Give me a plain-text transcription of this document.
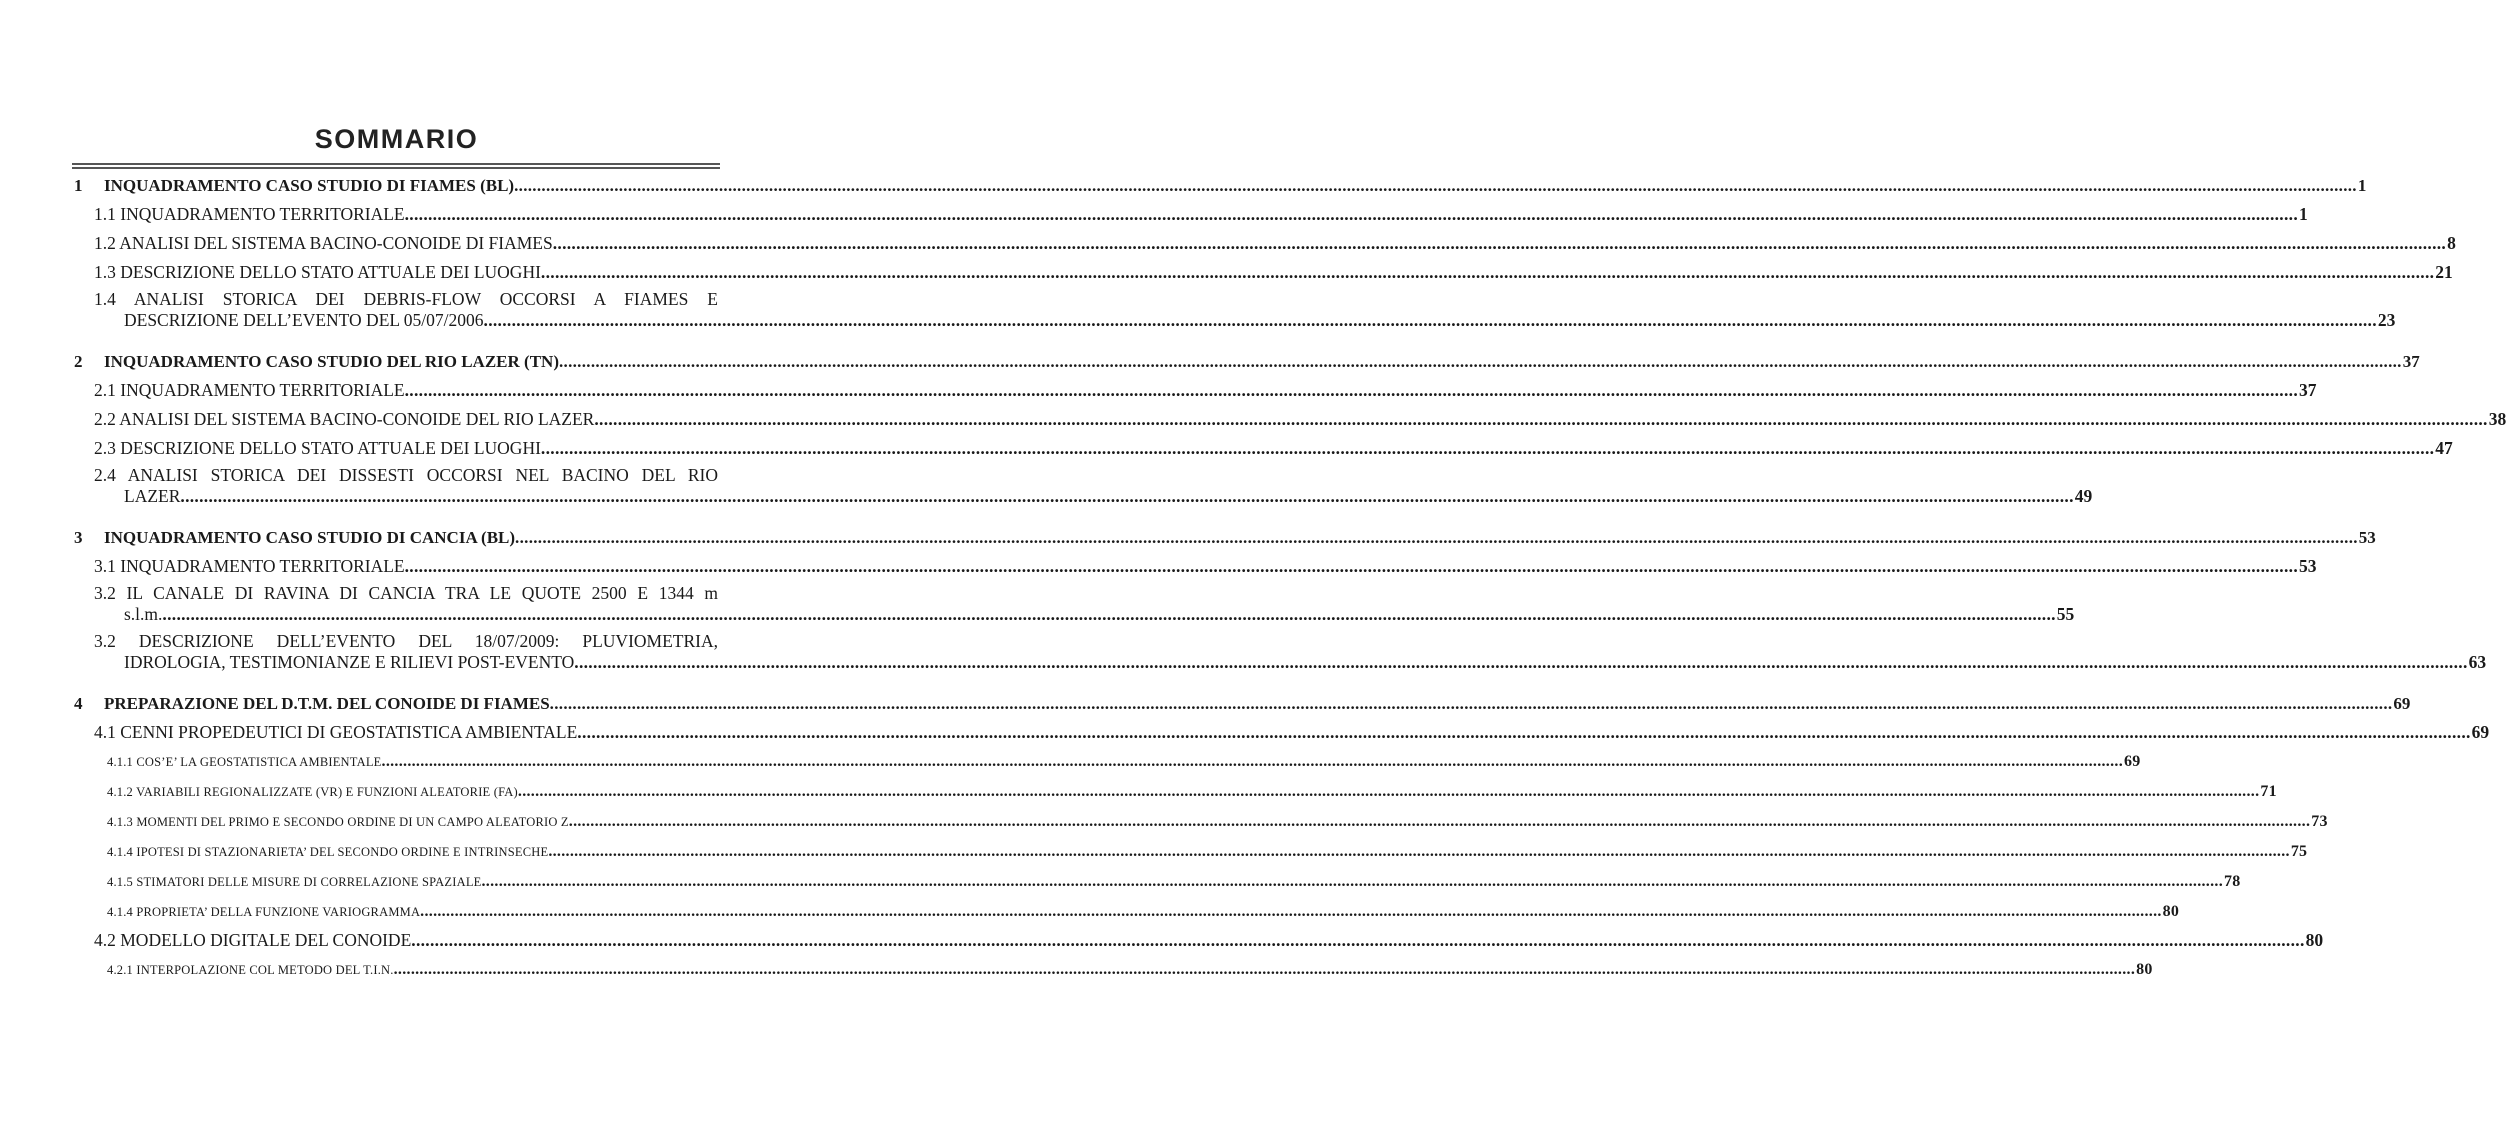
SOMMARIO
1 INQUADRAMENTO CASO STUDIO DI FIAMES (BL) .....	1
1.1 INQUADRAMENTO TERRITORIALE .....	1
1.2 ANALISI DEL SISTEMA BACINO-CONOIDE DI FIAMES .....	8
1.3 DESCRIZIONE DELLO STATO ATTUALE DEI LUOGHI .....	21
1.4 ANALISI STORICA DEI DEBRIS-FLOW OCCORSI A FIAMES E
DESCRIZIONE DELL’EVENTO DEL 05/07/2006 .....	23
2 INQUADRAMENTO CASO STUDIO DEL RIO LAZER (TN) .....	37
2.1 INQUADRAMENTO TERRITORIALE .....	37
2.2 ANALISI DEL SISTEMA BACINO-CONOIDE DEL RIO LAZER .....	38
2.3 DESCRIZIONE DELLO STATO ATTUALE DEI LUOGHI .....	47
2.4 ANALISI STORICA DEI DISSESTI OCCORSI NEL BACINO DEL RIO
LAZER .....	49
3 INQUADRAMENTO CASO STUDIO DI CANCIA (BL) .....	53
3.1 INQUADRAMENTO TERRITORIALE .....	53
3.2 IL CANALE DI RAVINA DI CANCIA TRA LE QUOTE 2500 E 1344 m
s.l.m. .....	55
3.2 DESCRIZIONE DELL’EVENTO DEL 18/07/2009: PLUVIOMETRIA,
IDROLOGIA, TESTIMONIANZE E RILIEVI POST-EVENTO .....	63
4 PREPARAZIONE DEL D.T.M. DEL CONOIDE DI FIAMES .....	69
4.1 CENNI PROPEDEUTICI DI GEOSTATISTICA AMBIENTALE .....	69
4.1.1 COS’E’ LA GEOSTATISTICA AMBIENTALE .....	69
4.1.2 VARIABILI REGIONALIZZATE (VR) E FUNZIONI ALEATORIE (FA) .....	71
4.1.3 MOMENTI DEL PRIMO E SECONDO ORDINE DI UN CAMPO ALEATORIO Z .....	73
4.1.4 IPOTESI DI STAZIONARIETA’ DEL SECONDO ORDINE E INTRINSECHE .....	75
4.1.5 STIMATORI DELLE MISURE DI CORRELAZIONE SPAZIALE .....	78
4.1.4 PROPRIETA’ DELLA FUNZIONE VARIOGRAMMA .....	80
4.2 MODELLO DIGITALE DEL CONOIDE .....	80
4.2.1 INTERPOLAZIONE COL METODO DEL T.I.N. .....	80
